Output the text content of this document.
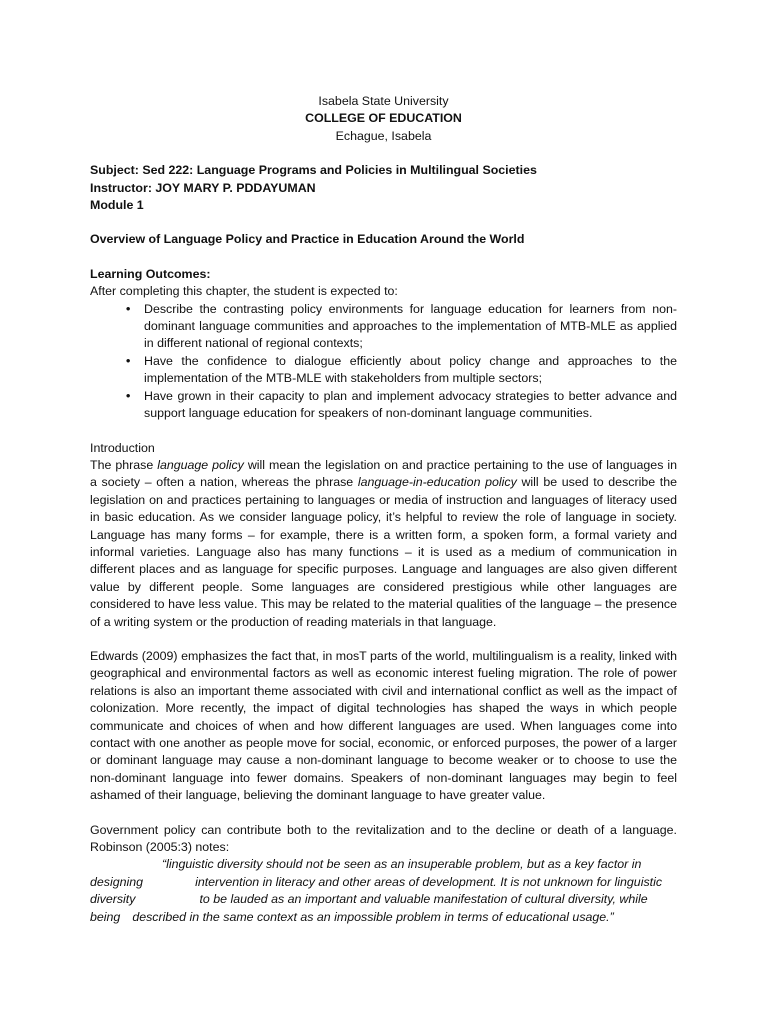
Isabela State University
COLLEGE OF EDUCATION
Echague, Isabela
Subject: Sed 222: Language Programs and Policies in Multilingual Societies
Instructor: JOY MARY P. PDDAYUMAN
Module 1
Overview of Language Policy and Practice in Education Around the World
Learning Outcomes:
After completing this chapter, the student is expected to:
• Describe the contrasting policy environments for language education for learners from non-dominant language communities and approaches to the implementation of MTB-MLE as applied in different national of regional contexts;
• Have the confidence to dialogue efficiently about policy change and approaches to the implementation of the MTB-MLE with stakeholders from multiple sectors;
• Have grown in their capacity to plan and implement advocacy strategies to better advance and support language education for speakers of non-dominant language communities.
Introduction

The phrase language policy will mean the legislation on and practice pertaining to the use of languages in a society – often a nation, whereas the phrase language-in-education policy will be used to describe the legislation on and practices pertaining to languages or media of instruction and languages of literacy used in basic education. As we consider language policy, it’s helpful to review the role of language in society. Language has many forms – for example, there is a written form, a spoken form, a formal variety and informal varieties. Language also has many functions – it is used as a medium of communication in different places and as language for specific purposes. Language and languages are also given different value by different people. Some languages are considered prestigious while other languages are considered to have less value. This may be related to the material qualities of the language – the presence of a writing system or the production of reading materials in that language.

Edwards (2009) emphasizes the fact that, in mosT parts of the world, multilingualism is a reality, linked with geographical and environmental factors as well as economic interest fueling migration. The role of power relations is also an important theme associated with civil and international conflict as well as the impact of colonization. More recently, the impact of digital technologies has shaped the ways in which people communicate and choices of when and how different languages are used. When languages come into contact with one another as people move for social, economic, or enforced purposes, the power of a larger or dominant language may cause a non-dominant language to become weaker or to choose to use the non-dominant language into fewer domains. Speakers of non-dominant languages may begin to feel ashamed of their language, believing the dominant language to have greater value.

Government policy can contribute both to the revitalization and to the decline or death of a language. Robinson (2005:3) notes:

“linguistic diversity should not be seen as an insuperable problem, but as a key factor in
designing	intervention in literacy and other areas of development. It is not unknown for linguistic
diversity	to be lauded as an important and valuable manifestation of cultural diversity, while
being described in the same context as an impossible problem in terms of educational usage.”
